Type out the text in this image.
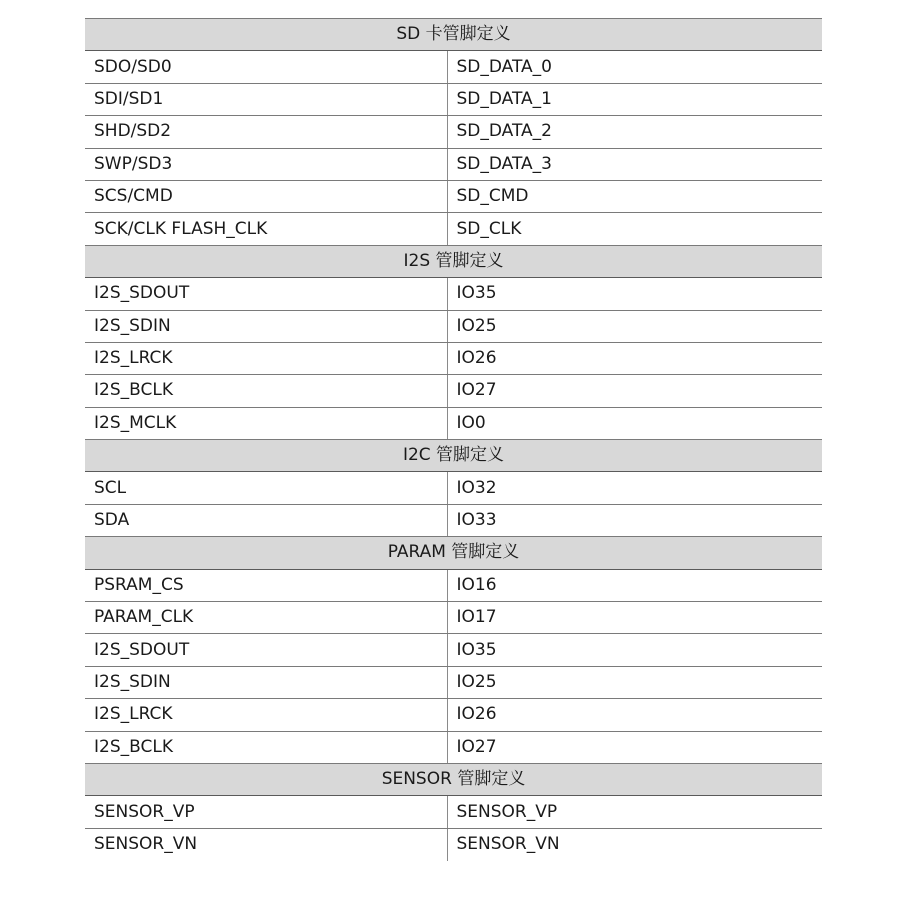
SD 卡管脚定义	
SDO/SD0	SD_DATA_0
SDI/SD1	SD_DATA_1
SHD/SD2	SD_DATA_2
SWP/SD3	SD_DATA_3
SCS/CMD	SD_CMD
SCK/CLK FLASH_CLK	SD_CLK
I2S 管脚定义	
I2S_SDOUT	IO35
I2S_SDIN	IO25
I2S_LRCK	IO26
I2S_BCLK	IO27
I2S_MCLK	IO0
I2C 管脚定义	
SCL	IO32
SDA	IO33
PARAM 管脚定义	
PSRAM_CS	IO16
PARAM_CLK	IO17
I2S_SDOUT	IO35
I2S_SDIN	IO25
I2S_LRCK	IO26
I2S_BCLK	IO27
SENSOR 管脚定义	
SENSOR_VP	SENSOR_VP
SENSOR_VN	SENSOR_VN
